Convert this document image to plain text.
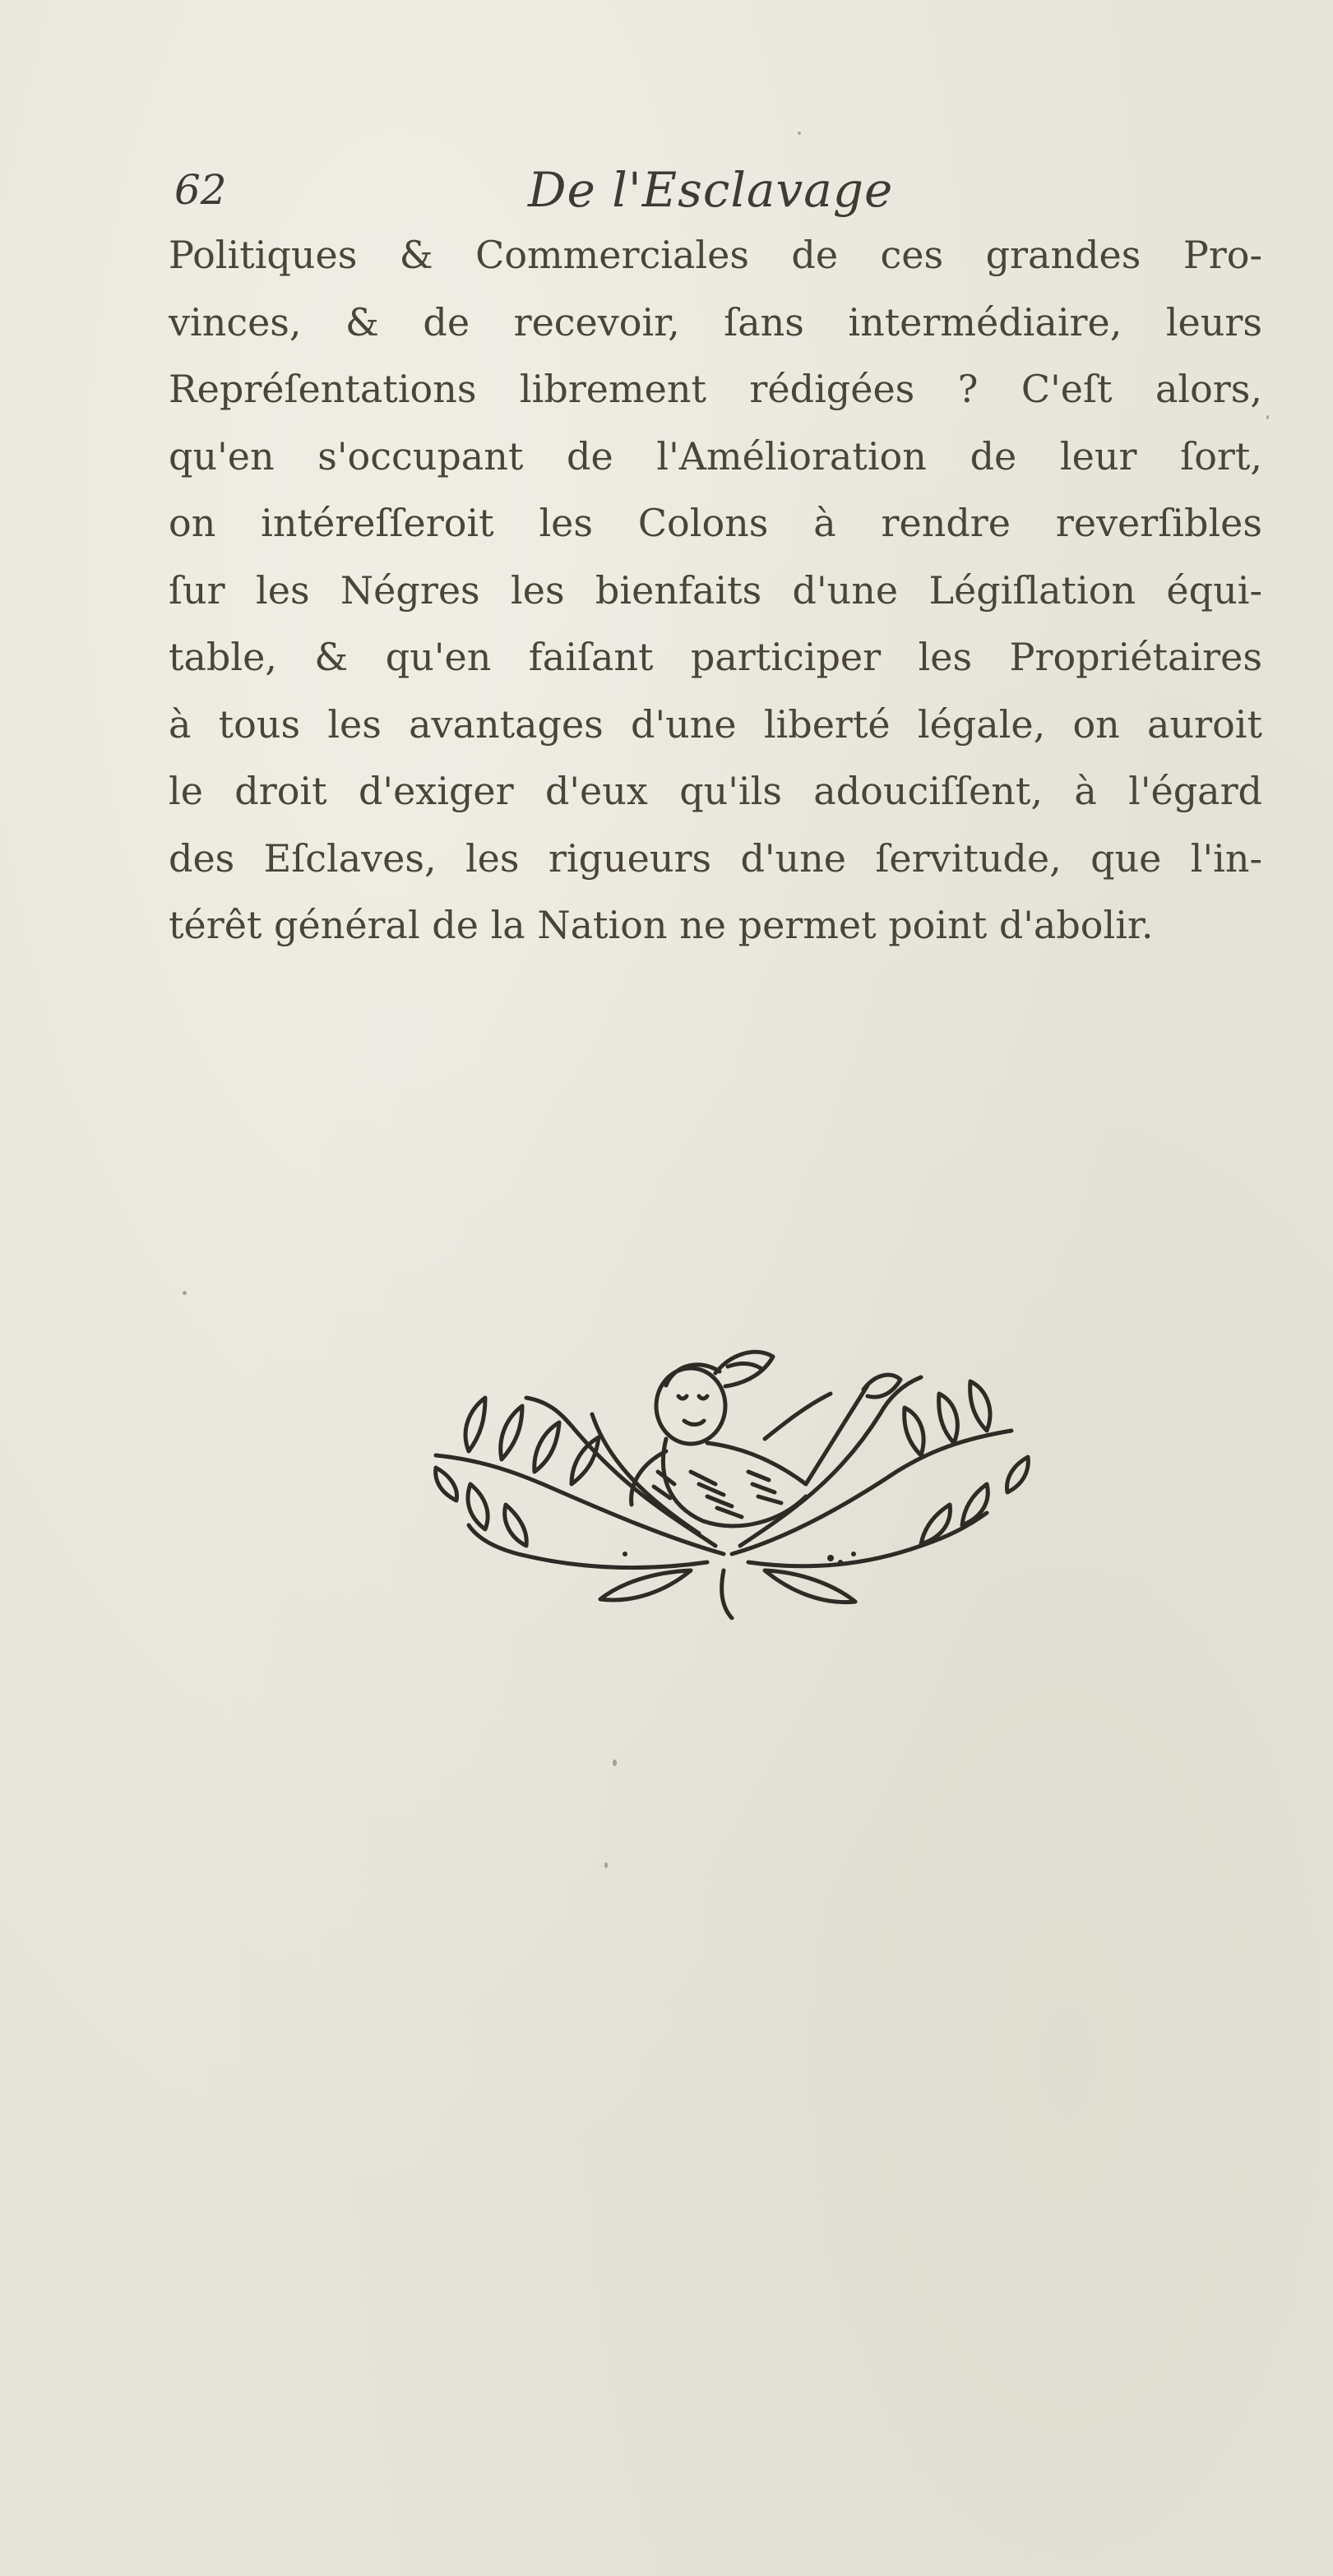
62	De l'Esclavage
Politiques & Commerciales de ces grandes Pro-
vinces, & de recevoir, ſans intermédiaire, leurs
Repréſentations librement rédigées ? C'eſt alors,
qu'en s'occupant de l'Amélioration de leur ſort,
on intéreſſeroit les Colons à rendre reverſibles
ſur les Négres les bienfaits d'une Légiſlation équi-
table, & qu'en faiſant participer les Propriétaires
à tous les avantages d'une liberté légale, on auroit
le droit d'exiger d'eux qu'ils adouciſſent, à l'égard
des Eſclaves, les rigueurs d'une ſervitude, que l'in-
térêt général de la Nation ne permet point d'abolir.
